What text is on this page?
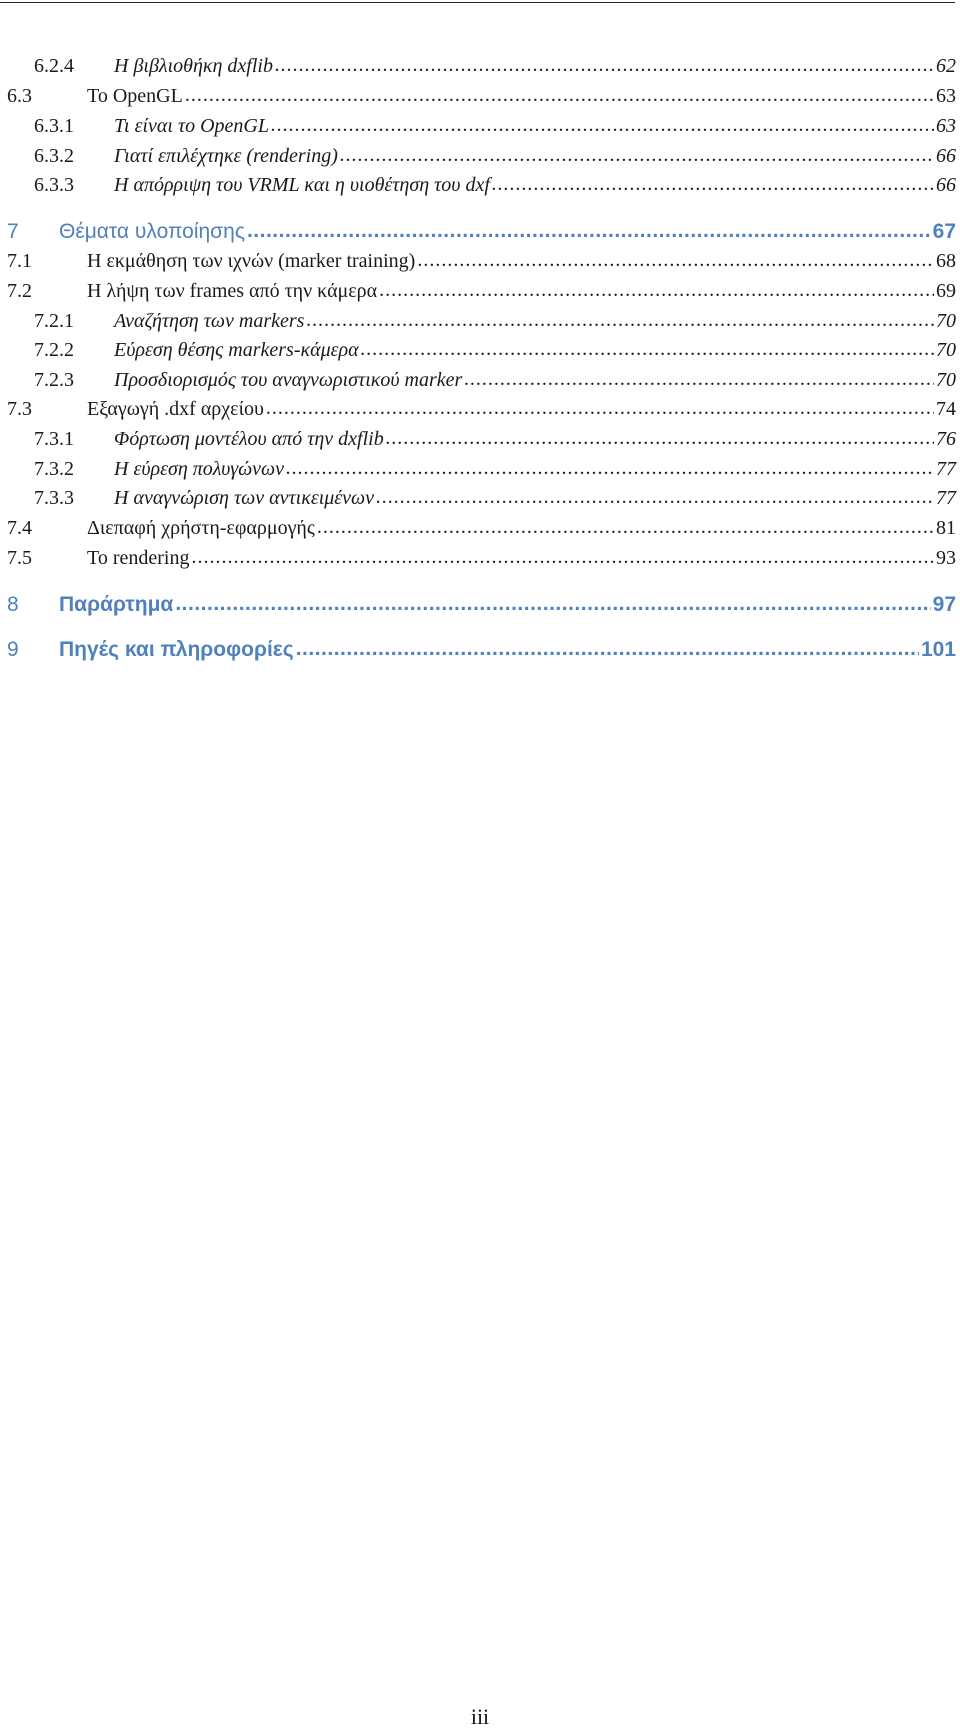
6.2.4	Η βιβλιοθήκη dxflib .....	62
6.3	Το OpenGL .....	63
6.3.1	Τι είναι το OpenGL .....	63
6.3.2	Γιατί επιλέχτηκε (rendering) .....	66
6.3.3	Η απόρριψη του VRML και η υιοθέτηση του dxf .....	66
7	Θέματα υλοποίησης .....	67
7.1	Η εκμάθηση των ιχνών (marker training) .....	68
7.2	Η λήψη των frames από την κάμερα .....	69
7.2.1	Αναζήτηση των markers .....	70
7.2.2	Εύρεση θέσης markers-κάμερα .....	70
7.2.3	Προσδιορισμός του αναγνωριστικού marker .....	70
7.3	Εξαγωγή .dxf αρχείου .....	74
7.3.1	Φόρτωση μοντέλου από την dxflib .....	76
7.3.2	Η εύρεση πολυγώνων .....	77
7.3.3	Η αναγνώριση των αντικειμένων .....	77
7.4	Διεπαφή χρήστη-εφαρμογής .....	81
7.5	Το rendering .....	93
8	Παράρτημα .....	97
9	Πηγές και πληροφορίες .....	101
iii
